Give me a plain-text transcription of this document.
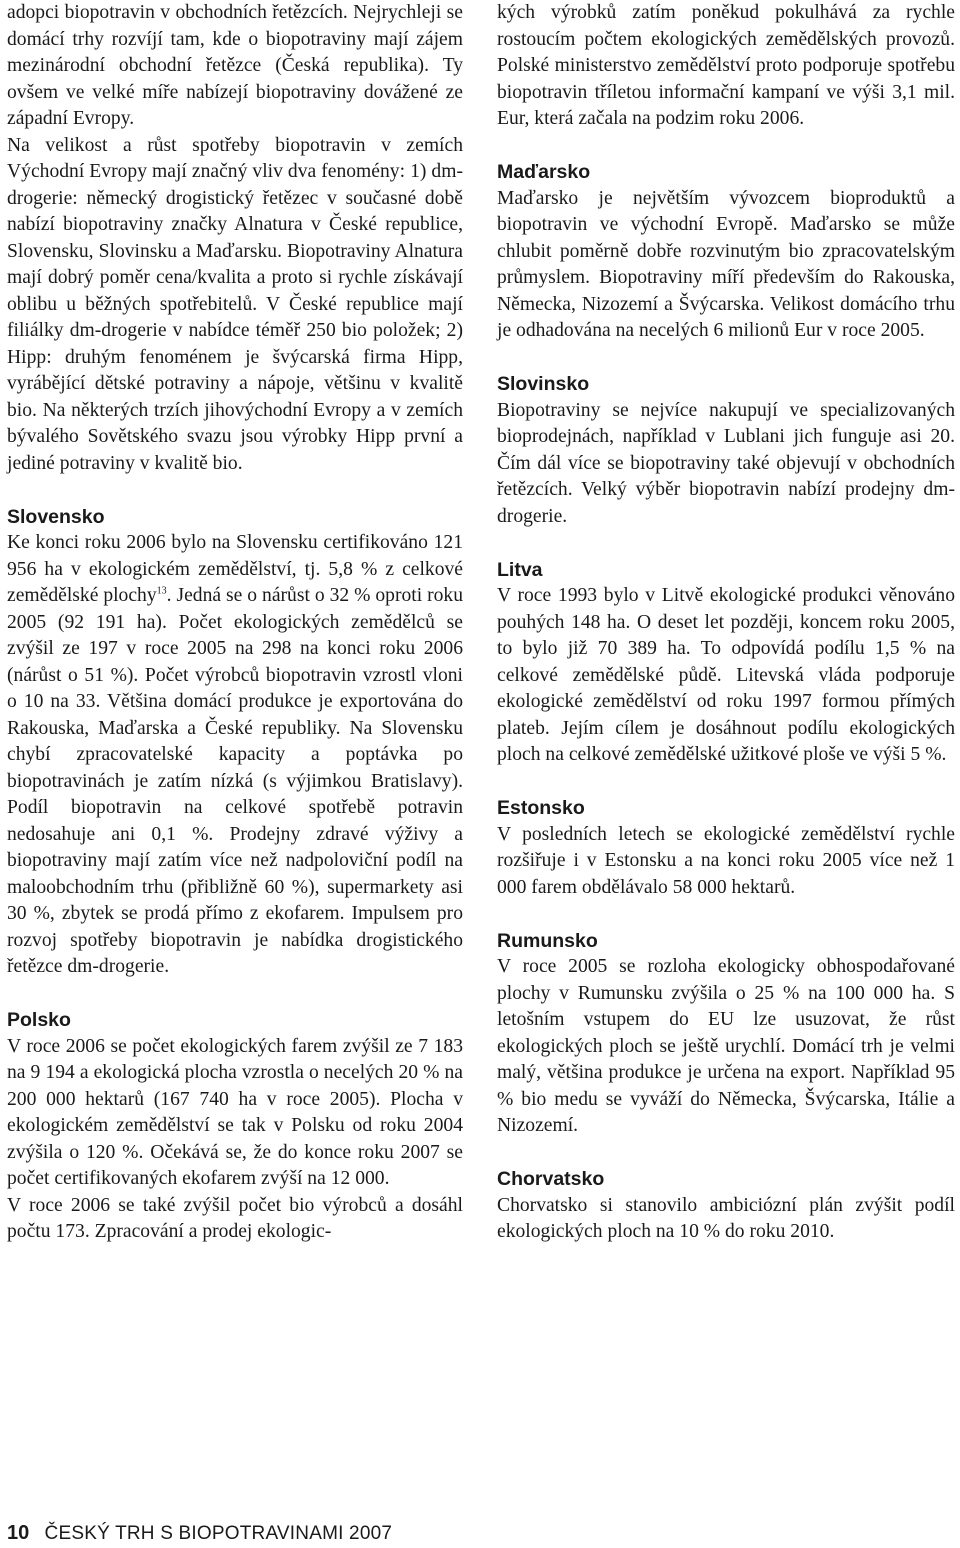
adopci biopotravin v obchodních řetězcích. Nejrychleji se domácí trhy rozvíjí tam, kde o biopotraviny mají zájem mezinárodní obchodní řetězce (Česká republika). Ty ovšem ve velké míře nabízejí biopotraviny dovážené ze západní Evropy.

Na velikost a růst spotřeby biopotravin v zemích Východní Evropy mají značný vliv dva fenomény: 1) dm-drogerie: německý drogistický řetězec v současné době nabízí biopotraviny značky Alnatura v České republice, Slovensku, Slovinsku a Maďarsku. Biopotraviny Alnatura mají dobrý poměr cena/kvalita a proto si rychle získávají oblibu u běžných spotřebitelů. V České republice mají filiálky dm-drogerie v nabídce téměř 250 bio položek; 2) Hipp: druhým fenoménem je švýcarská firma Hipp, vyrábějící dětské potraviny a nápoje, většinu v kvalitě bio. Na některých trzích jihovýchodní Evropy a v zemích bývalého Sovětského svazu jsou výrobky Hipp první a jediné potraviny v kvalitě bio.

Slovensko

Ke konci roku 2006 bylo na Slovensku certifikováno 121 956 ha v ekologickém zemědělství, tj. 5,8 % z celkové zemědělské plochy$^{13}$. Jedná se o nárůst o 32 % oproti roku 2005 (92 191 ha). Počet ekologických zemědělců se zvýšil ze 197 v roce 2005 na 298 na konci roku 2006 (nárůst o 51 %). Počet výrobců biopotravin vzrostl vloni o 10 na 33. Většina domácí produkce je exportována do Rakouska, Maďarska a České republiky. Na Slovensku chybí zpracovatelské kapacity a poptávka po biopotravinách je zatím nízká (s výjimkou Bratislavy). Podíl biopotravin na celkové spotřebě potravin nedosahuje ani 0,1 %. Prodejny zdravé výživy a biopotraviny mají zatím více než nadpoloviční podíl na maloobchodním trhu (přibližně 60 %), supermarkety asi 30 %, zbytek se prodá přímo z ekofarem. Impulsem pro rozvoj spotřeby biopotravin je nabídka drogistického řetězce dm-drogerie.

Polsko

V roce 2006 se počet ekologických farem zvýšil ze 7 183 na 9 194 a ekologická plocha vzrostla o necelých 20 % na 200 000 hektarů (167 740 ha v roce 2005). Plocha v ekologickém zemědělství se tak v Polsku od roku 2004 zvýšila o 120 %. Očekává se, že do konce roku 2007 se počet certifikovaných ekofarem zvýší na 12 000.

V roce 2006 se také zvýšil počet bio výrobců a dosáhl počtu 173. Zpracování a prodej ekologic-

kých výrobků zatím poněkud pokulhává za rychle rostoucím počtem ekologických zemědělských provozů. Polské ministerstvo zemědělství proto podporuje spotřebu biopotravin tříletou informační kampaní ve výši 3,1 mil. Eur, která začala na podzim roku 2006.

Maďarsko

Maďarsko je největším vývozcem bioproduktů a biopotravin ve východní Evropě. Maďarsko se může chlubit poměrně dobře rozvinutým bio zpracovatelským průmyslem. Biopotraviny míří především do Rakouska, Německa, Nizozemí a Švýcarska. Velikost domácího trhu je odhadována na necelých 6 milionů Eur v roce 2005.

Slovinsko

Biopotraviny se nejvíce nakupují ve specializovaných bioprodejnách, například v Lublani jich funguje asi 20. Čím dál více se biopotraviny také objevují v obchodních řetězcích. Velký výběr biopotravin nabízí prodejny dm-drogerie.

Litva

V roce 1993 bylo v Litvě ekologické produkci věnováno pouhých 148 ha. O deset let později, koncem roku 2005, to bylo již 70 389 ha. To odpovídá podílu 1,5 % na celkové zemědělské půdě. Litevská vláda podporuje ekologické zemědělství od roku 1997 formou přímých plateb. Jejím cílem je dosáhnout podílu ekologických ploch na celkové zemědělské užitkové ploše ve výši 5 %.

Estonsko

V posledních letech se ekologické zemědělství rychle rozšiřuje i v Estonsku a na konci roku 2005 více než 1 000 farem obdělávalo 58 000 hektarů.

Rumunsko

V roce 2005 se rozloha ekologicky obhospodařované plochy v Rumunsku zvýšila o 25 % na 100 000 ha. S letošním vstupem do EU lze usuzovat, že růst ekologických ploch se ještě urychlí. Domácí trh je velmi malý, většina produkce je určena na export. Například 95 % bio medu se vyváží do Německa, Švýcarska, Itálie a Nizozemí.

Chorvatsko

Chorvatsko si stanovilo ambiciózní plán zvýšit podíl ekologických ploch na 10 % do roku 2010.

10 ČESKÝ TRH S BIOPOTRAVINAMI 2007
